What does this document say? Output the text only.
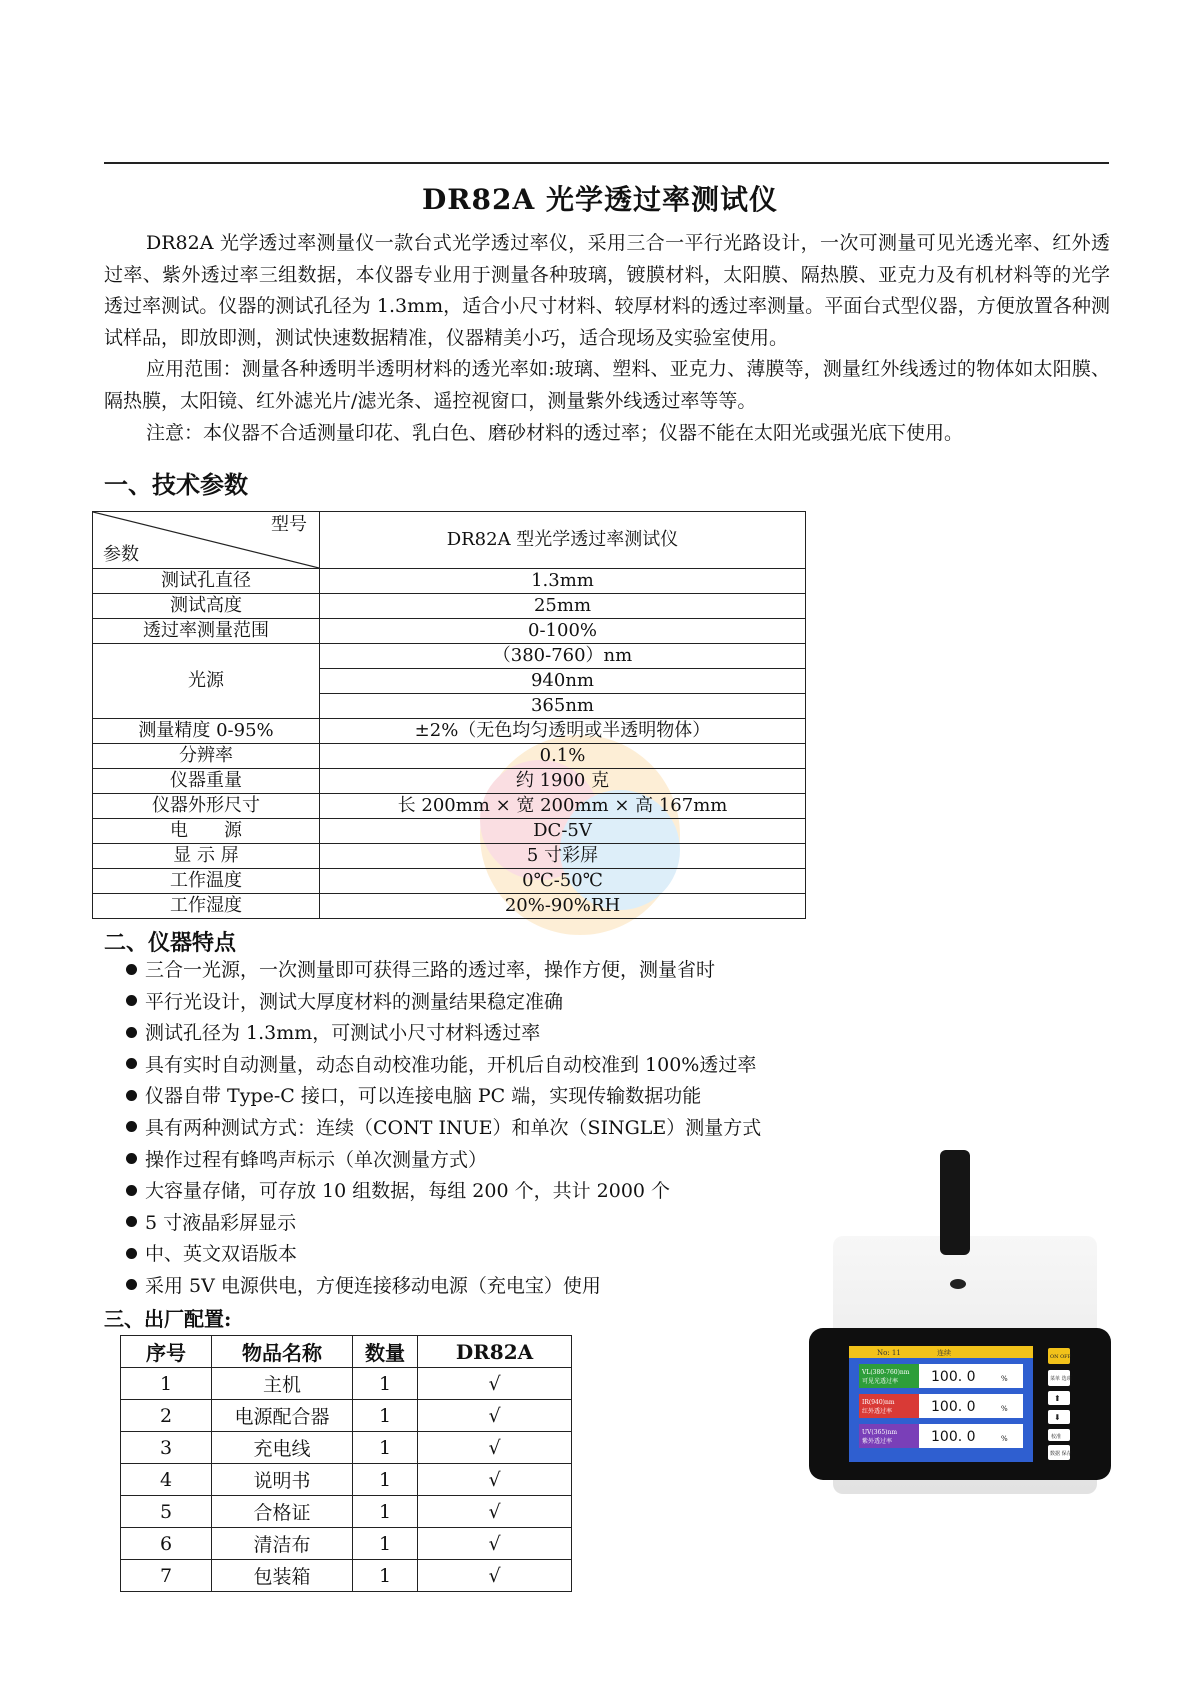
DR82A 光学透过率测试仪

DR82A 光学透过率测量仪一款台式光学透过率仪，采用三合一平行光路设计，一次可测量可见光透光率、红外透过率、紫外透过率三组数据，本仪器专业用于测量各种玻璃，镀膜材料，太阳膜、隔热膜、亚克力及有机材料等的光学透过率测试。仪器的测试孔径为 1.3mm，适合小尺寸材料、较厚材料的透过率测量。平面台式型仪器，方便放置各种测试样品，即放即测，测试快速数据精准，仪器精美小巧，适合现场及实验室使用。

应用范围：测量各种透明半透明材料的透光率如:玻璃、塑料、亚克力、薄膜等，测量红外线透过的物体如太阳膜、隔热膜，太阳镜、红外滤光片/滤光条、遥控视窗口，测量紫外线透过率等等。

注意：本仪器不合适测量印花、乳白色、磨砂材料的透过率；仪器不能在太阳光或强光底下使用。

一、技术参数
型号
参数	DR82A 型光学透过率测试仪
测试孔直径	1.3mm
测试高度	25mm
透过率测量范围	0-100%
光源	（380-760）nm
	940nm
	365nm
测量精度 0-95%	±2%（无色均匀透明或半透明物体）
分辨率	0.1%
仪器重量	约 1900 克
仪器外形尺寸	长 200mm × 宽 200mm × 高 167mm
电　　源	DC-5V
显 示 屏	5 寸彩屏
工作温度	0℃-50℃
工作湿度	20%-90%RH
二、仪器特点
三合一光源，一次测量即可获得三路的透过率，操作方便，测量省时
平行光设计，测试大厚度材料的测量结果稳定准确
测试孔径为 1.3mm，可测试小尺寸材料透过率
具有实时自动测量，动态自动校准功能，开机后自动校准到 100%透过率
仪器自带 Type-C 接口，可以连接电脑 PC 端，实现传输数据功能
具有两种测试方式：连续（CONT INUE）和单次（SINGLE）测量方式
操作过程有蜂鸣声标示（单次测量方式）
大容量存储，可存放 10 组数据，每组 200 个，共计 2000 个
5 寸液晶彩屏显示
中、英文双语版本
采用 5V 电源供电，方便连接移动电源（充电宝）使用
三、出厂配置:
序号	物品名称	数量	DR82A
1	主机	1	√
2	电源配合器	1	√
3	充电线	1	√
4	说明书	1	√
5	合格证	1	√
6	清洁布	1	√
7	包装箱	1	√
No: 11	连续
VL(380-760)nm
可见光透过率 100. 0	%
IR(940)nm
红外透过率	100. 0	%
UV(365)nm
紫外透过率	100. 0	%
ON OFF
菜单 选项
⬆
⬇
校准
数据 保存
